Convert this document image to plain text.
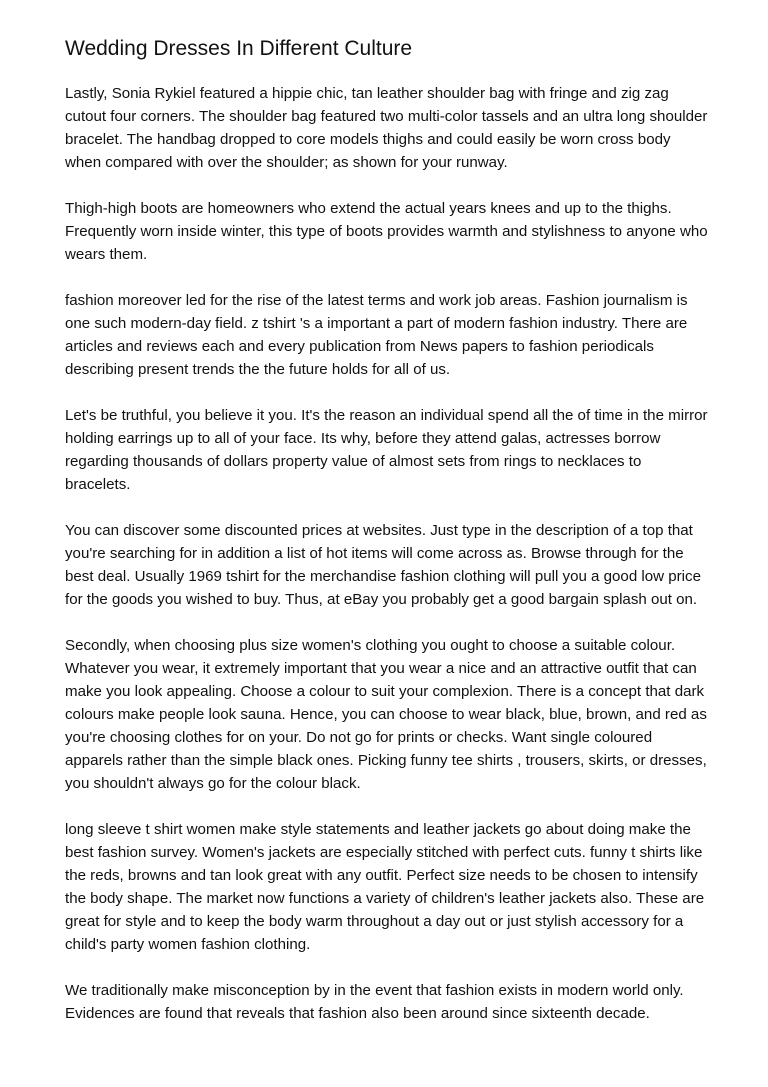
Wedding Dresses In Different Culture

Lastly, Sonia Rykiel featured a hippie chic, tan leather shoulder bag with fringe and zig zag cutout four corners. The shoulder bag featured two multi-color tassels and an ultra long shoulder bracelet. The handbag dropped to core models thighs and could easily be worn cross body when compared with over the shoulder; as shown for your runway.

Thigh-high boots are homeowners who extend the actual years knees and up to the thighs. Frequently worn inside winter, this type of boots provides warmth and stylishness to anyone who wears them.

fashion moreover led for the rise of the latest terms and work job areas. Fashion journalism is one such modern-day field. z tshirt 's a important a part of modern fashion industry. There are articles and reviews each and every publication from News papers to fashion periodicals describing present trends the the future holds for all of us.

Let's be truthful, you believe it you. It's the reason an individual spend all the of time in the mirror holding earrings up to all of your face. Its why, before they attend galas, actresses borrow regarding thousands of dollars property value of almost sets from rings to necklaces to bracelets.

You can discover some discounted prices at websites. Just type in the description of a top that you're searching for in addition a list of hot items will come across as. Browse through for the best deal. Usually 1969 tshirt for the merchandise fashion clothing will pull you a good low price for the goods you wished to buy. Thus, at eBay you probably get a good bargain splash out on.

Secondly, when choosing plus size women's clothing you ought to choose a suitable colour. Whatever you wear, it extremely important that you wear a nice and an attractive outfit that can make you look appealing. Choose a colour to suit your complexion. There is a concept that dark colours make people look sauna. Hence, you can choose to wear black, blue, brown, and red as you're choosing clothes for on your. Do not go for prints or checks. Want single coloured apparels rather than the simple black ones. Picking funny tee shirts , trousers, skirts, or dresses, you shouldn't always go for the colour black.

long sleeve t shirt women make style statements and leather jackets go about doing make the best fashion survey. Women's jackets are especially stitched with perfect cuts. funny t shirts like the reds, browns and tan look great with any outfit. Perfect size needs to be chosen to intensify the body shape. The market now functions a variety of children's leather jackets also. These are great for style and to keep the body warm throughout a day out or just stylish accessory for a child's party women fashion clothing.

We traditionally make misconception by in the event that fashion exists in modern world only. Evidences are found that reveals that fashion also been around since sixteenth decade.
